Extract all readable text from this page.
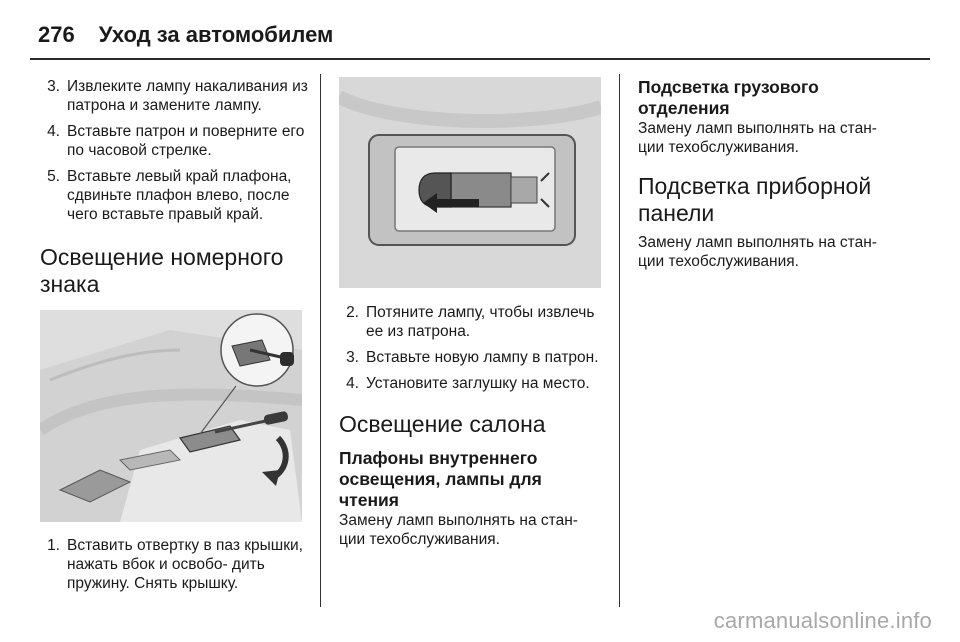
276 Уход за автомобилем
3. Извлеките лампу накаливания из патрона и замените лампу.
4. Вставьте патрон и поверните его по часовой стрелке.
5. Вставьте левый край плафона, сдвиньте плафон влево, после чего вставьте правый край.
Освещение номерного знака
1. Вставить отвертку в паз крышки, нажать вбок и освобо- дить пружину. Снять крышку.
2. Потяните лампу, чтобы извлечь ее из патрона.
3. Вставьте новую лампу в патрон.
4. Установите заглушку на место.
Освещение салона
Плафоны внутреннего освещения, лампы для чтения

Замену ламп выполнять на стан- ции техобслуживания.

Подсветка грузового отделения

Замену ламп выполнять на стан- ции техобслуживания.

Подсветка приборной панели

Замену ламп выполнять на стан- ции техобслуживания.

carmanualsonline.info
